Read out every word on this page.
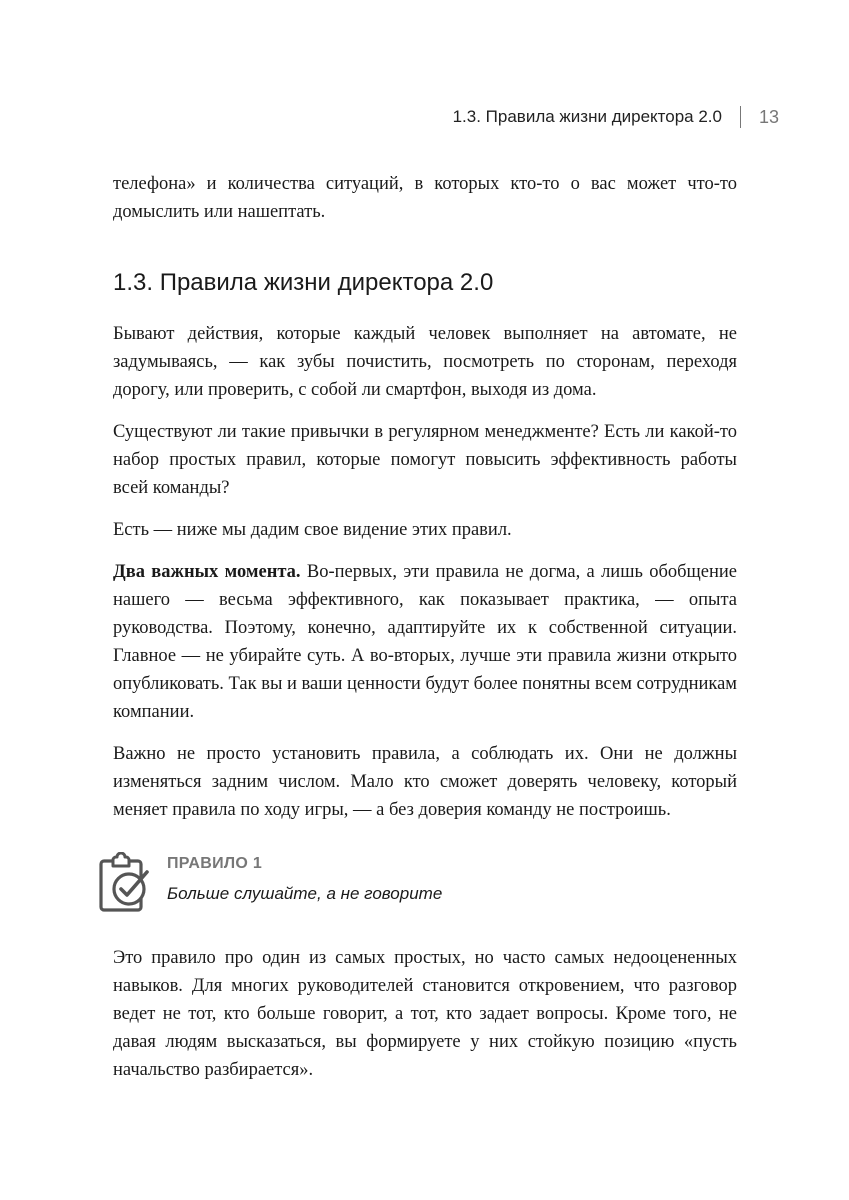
1.3. Правила жизни директора 2.0 13

телефона» и количества ситуаций, в которых кто-то о вас может что-то домыслить или нашептать.

1.3. Правила жизни директора 2.0

Бывают действия, которые каждый человек выполняет на автомате, не задумываясь, — как зубы почистить, посмотреть по сторонам, переходя дорогу, или проверить, с собой ли смартфон, выходя из дома.

Существуют ли такие привычки в регулярном менеджменте? Есть ли какой-то набор простых правил, которые помогут повысить эффективность работы всей команды?

Есть — ниже мы дадим свое видение этих правил.

Два важных момента. Во-первых, эти правила не догма, а лишь обобщение нашего — весьма эффективного, как показывает практика, — опыта руководства. Поэтому, конечно, адаптируйте их к собственной ситуации. Главное — не убирайте суть. А во-вторых, лучше эти правила жизни открыто опубликовать. Так вы и ваши ценности будут более понятны всем сотрудникам компании.

Важно не просто установить правила, а соблюдать их. Они не должны изменяться задним числом. Мало кто сможет доверять человеку, который меняет правила по ходу игры, — а без доверия команду не построишь.

ПРАВИЛО 1
Больше слушайте, а не говорите

Это правило про один из самых простых, но часто самых недооцененных навыков. Для многих руководителей становится откровением, что разговор ведет не тот, кто больше говорит, а тот, кто задает вопросы. Кроме того, не давая людям высказаться, вы формируете у них стойкую позицию «пусть начальство разбирается».
